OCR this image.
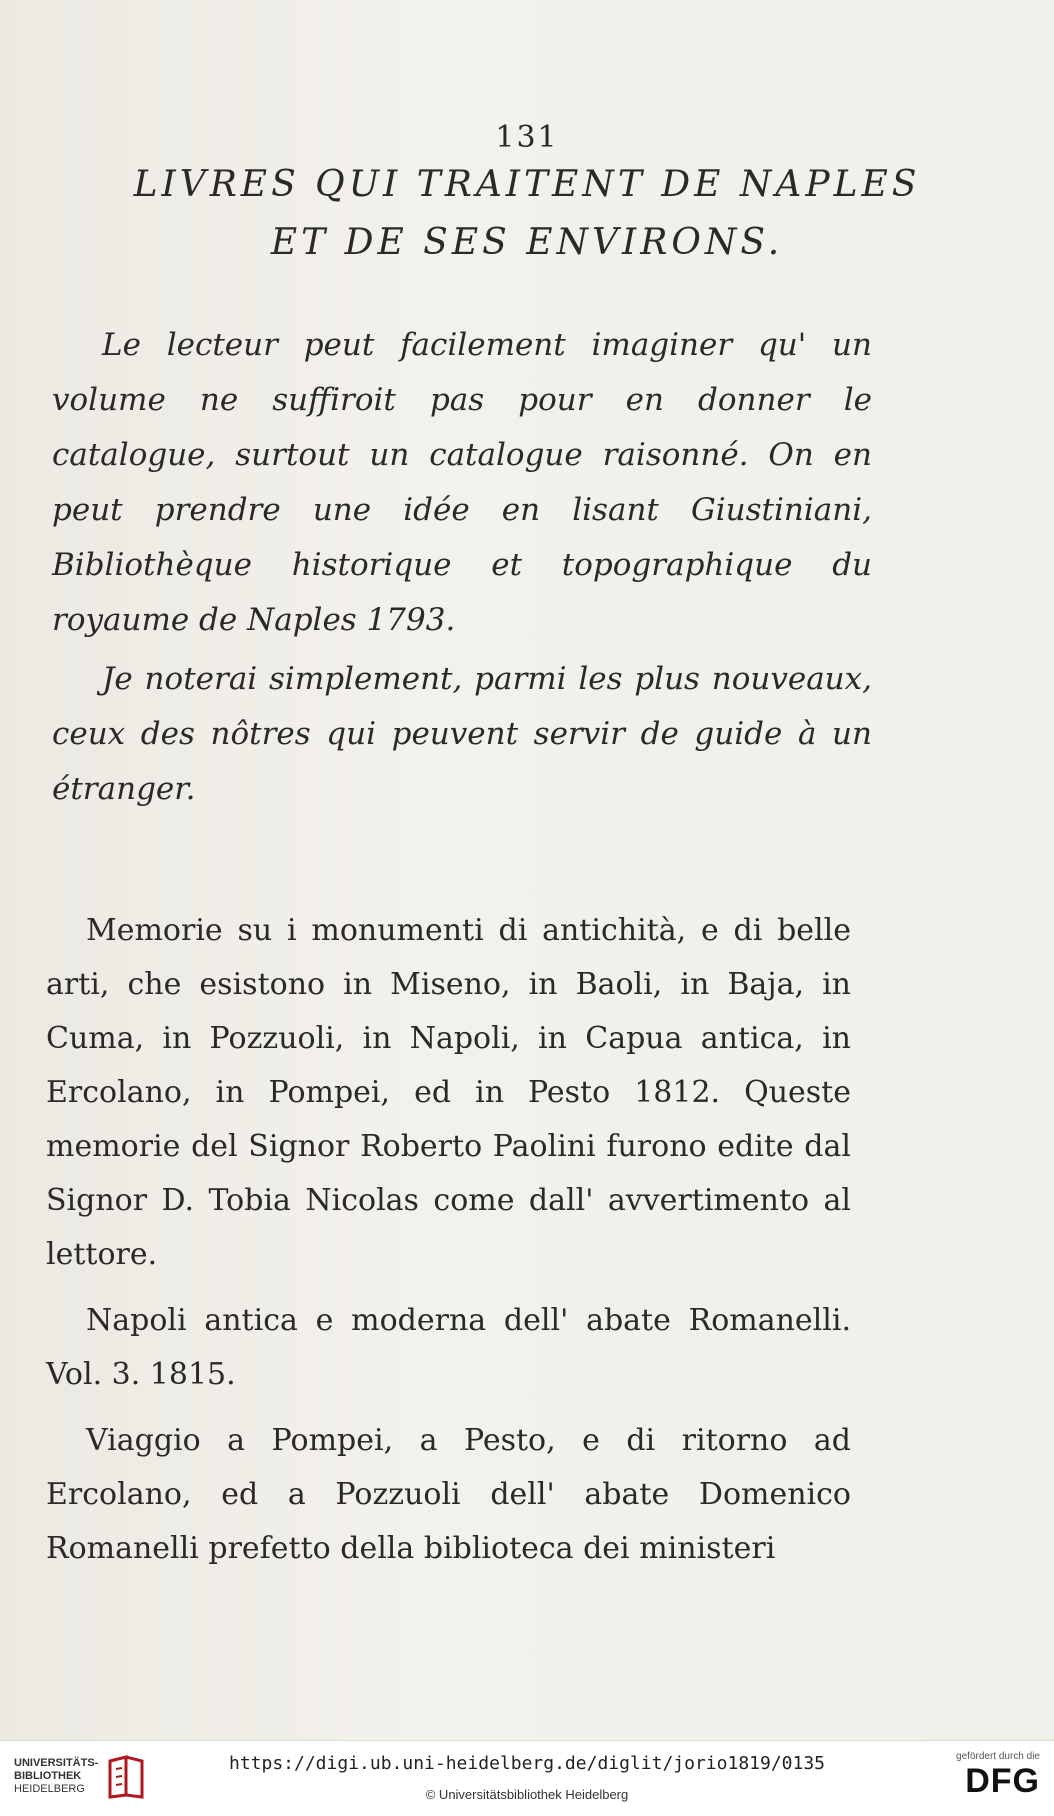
131
LIVRES QUI TRAITENT DE NAPLES
ET DE SES ENVIRONS.

Le lecteur peut facilement imaginer qu' un volume ne suffiroit pas pour en donner le catalogue, surtout un catalogue raisonné. On en peut prendre une idée en lisant Giustiniani, Bibliothèque historique et topographique du royaume de Naples 1793.

Je noterai simplement, parmi les plus nouveaux, ceux des nôtres qui peuvent servir de guide à un étranger.

Memorie su i monumenti di antichità, e di belle arti, che esistono in Miseno, in Baoli, in Baja, in Cuma, in Pozzuoli, in Napoli, in Capua antica, in Ercolano, in Pompei, ed in Pesto 1812. Queste memorie del Signor Roberto Paolini furono edite dal Signor D. Tobia Nicolas come dall' avvertimento al lettore.

Napoli antica e moderna dell' abate Romanelli. Vol. 3. 1815.

Viaggio a Pompei, a Pesto, e di ritorno ad Ercolano, ed a Pozzuoli dell' abate Domenico Romanelli prefetto della biblioteca dei ministeri

UNIVERSITÄTS-
BIBLIOTHEK
HEIDELBERG
https://digi.ub.uni-heidelberg.de/diglit/jorio1819/0135
© Universitätsbibliothek Heidelberg
gefördert durch die
DFG
